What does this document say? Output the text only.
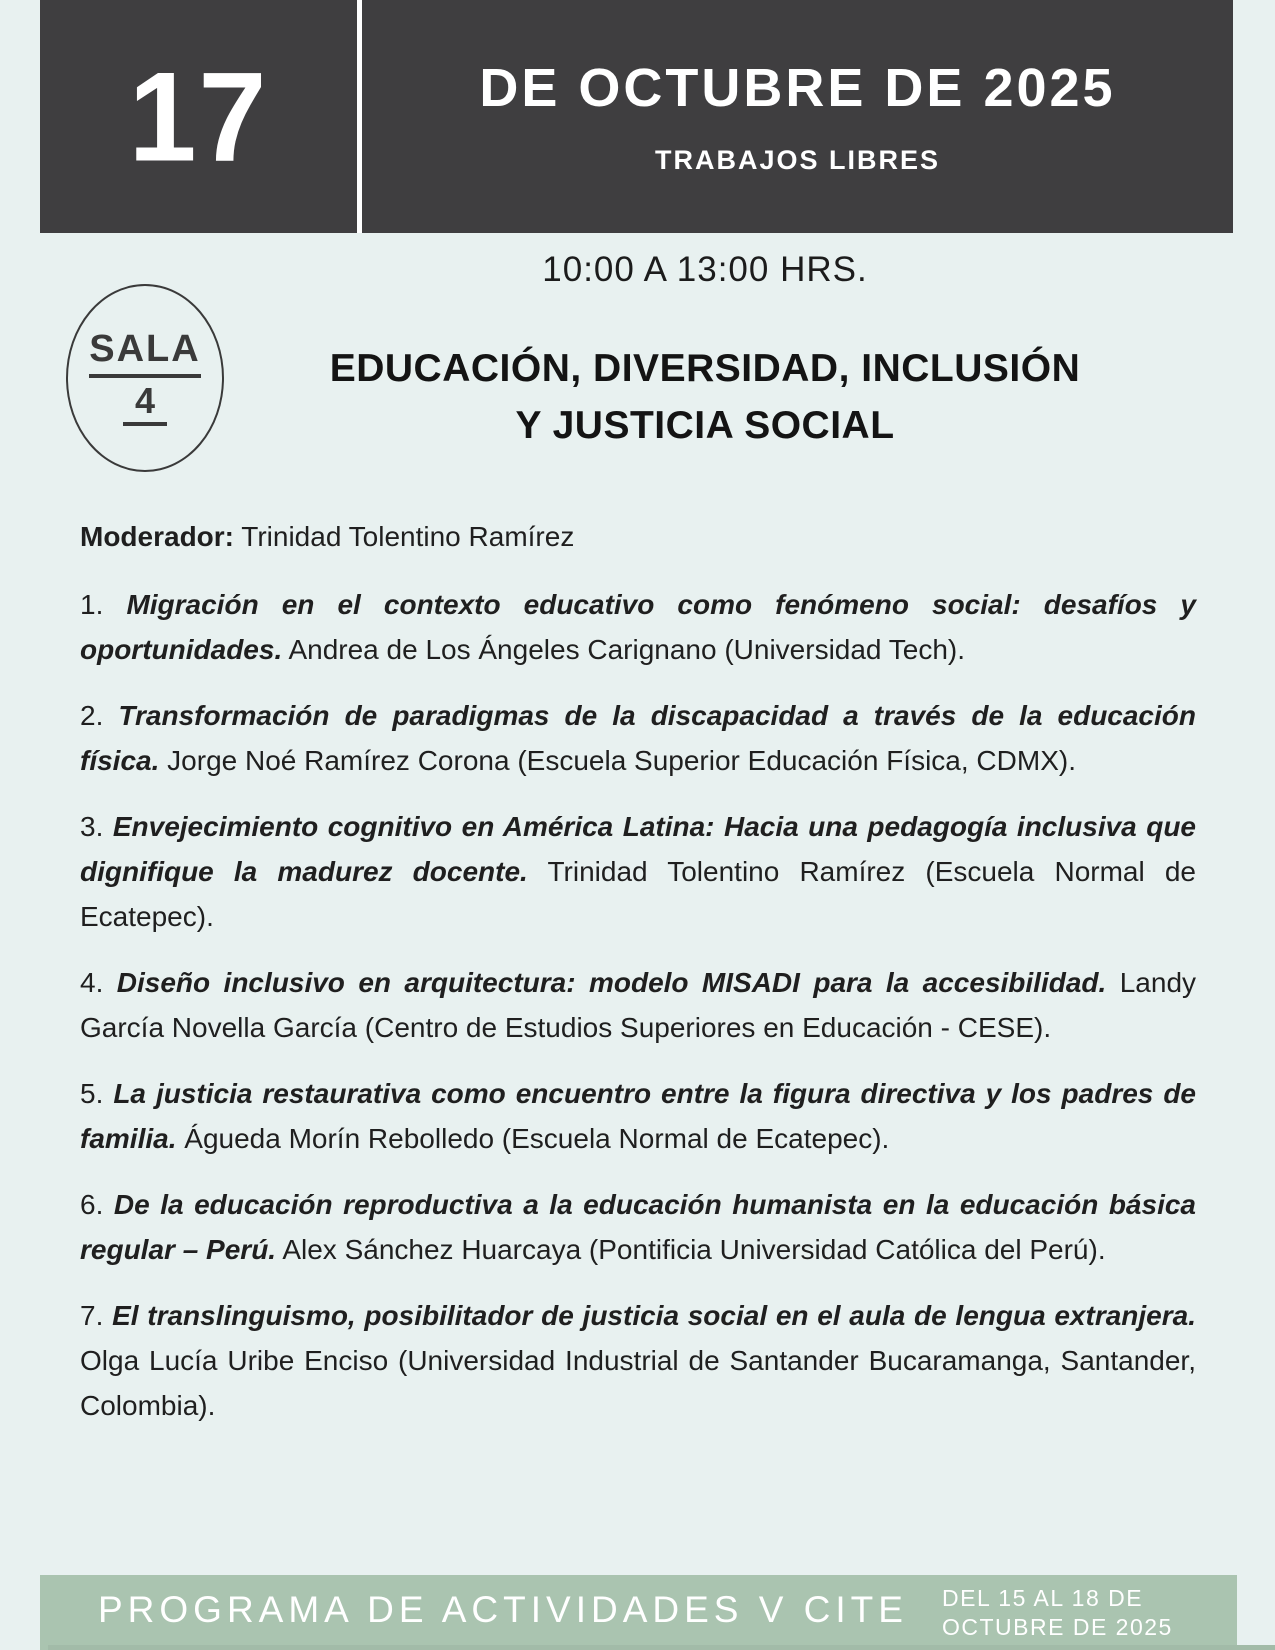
17	DE OCTUBRE DE 2025
TRABAJOS LIBRES
SALA
4
10:00 A 13:00 HRS.
EDUCACIÓN, DIVERSIDAD, INCLUSIÓN
Y JUSTICIA SOCIAL

Moderador: Trinidad Tolentino Ramírez

1. Migración en el contexto educativo como fenómeno social: desafíos y oportunidades. Andrea de Los Ángeles Carignano (Universidad Tech).

2. Transformación de paradigmas de la discapacidad a través de la educación física. Jorge Noé Ramírez Corona (Escuela Superior Educación Física, CDMX).

3. Envejecimiento cognitivo en América Latina: Hacia una pedagogía inclusiva que dignifique la madurez docente. Trinidad Tolentino Ramírez (Escuela Normal de Ecatepec).

4. Diseño inclusivo en arquitectura: modelo MISADI para la accesibilidad. Landy García Novella García (Centro de Estudios Superiores en Educación - CESE).

5. La justicia restaurativa como encuentro entre la figura directiva y los padres de familia. Águeda Morín Rebolledo (Escuela Normal de Ecatepec).

6. De la educación reproductiva a la educación humanista en la educación básica regular – Perú. Alex Sánchez Huarcaya (Pontificia Universidad Católica del Perú).

7. El translinguismo, posibilitador de justicia social en el aula de lengua extranjera. Olga Lucía Uribe Enciso (Universidad Industrial de Santander Bucaramanga, Santander, Colombia).

PROGRAMA DE ACTIVIDADES V CITE DEL 15 AL 18 DE
OCTUBRE DE 2025
